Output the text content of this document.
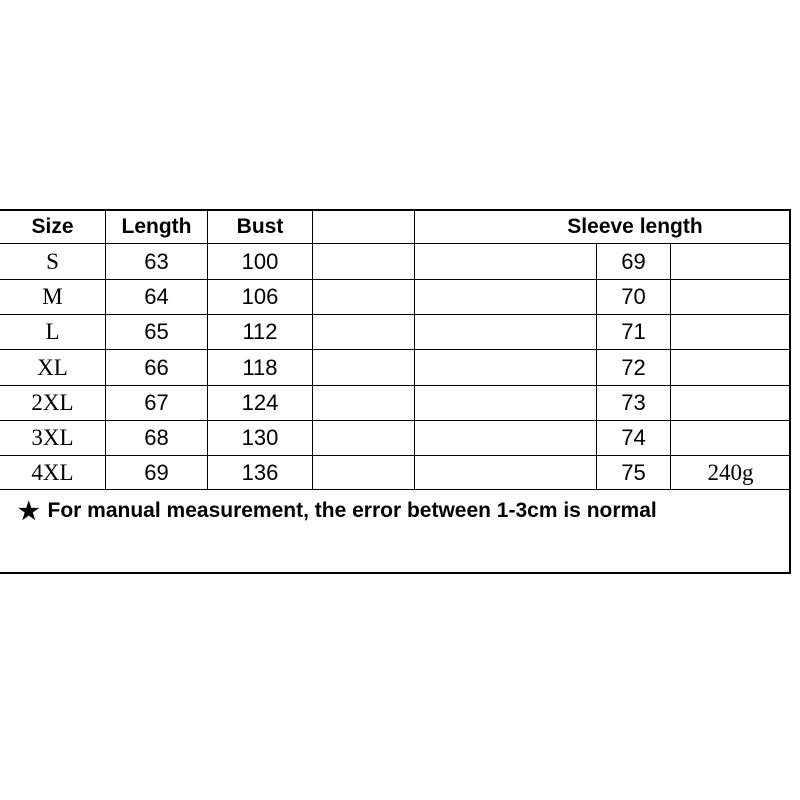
Size	Length	Bust	Sleeve length
S	63	100	69
M	64	106	70
L	65	112	71
XL	66	118	72
2XL	67	124	73
3XL	68	130	74
4XL	69	136	75	240g
★ For manual measurement, the error between 1-3cm is normal
